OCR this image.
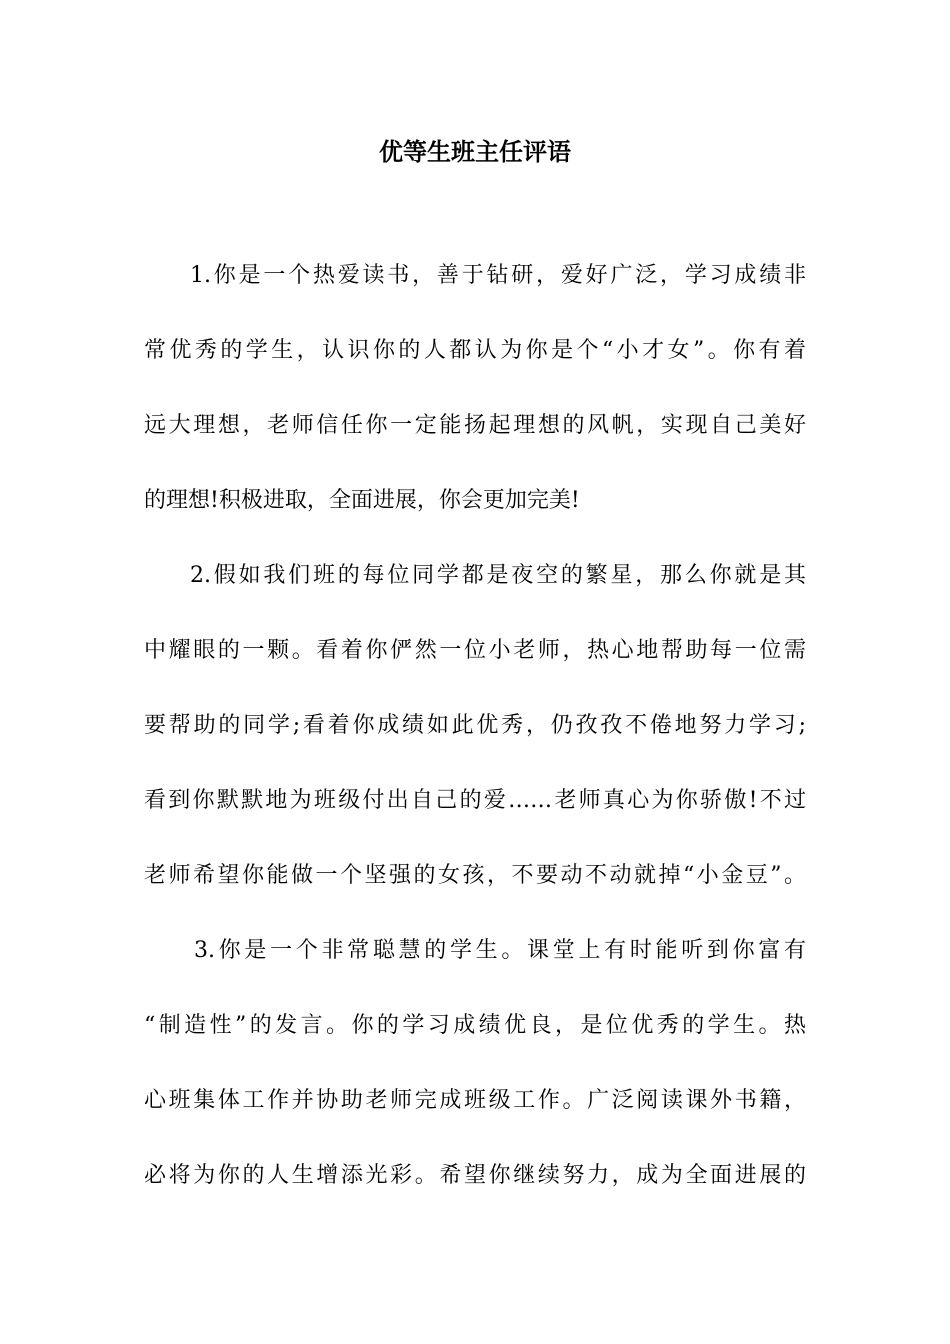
优等生班主任评语

1.你是一个热爱读书，善于钻研，爱好广泛，学习成绩非

常优秀的学生，认识你的人都认为你是个“小才女”。你有着

远大理想，老师信任你一定能扬起理想的风帆，实现自己美好

的理想!积极进取，全面进展，你会更加完美!

2.假如我们班的每位同学都是夜空的繁星，那么你就是其

中耀眼的一颗。看着你俨然一位小老师，热心地帮助每一位需

要帮助的同学;看着你成绩如此优秀，仍孜孜不倦地努力学习;

看到你默默地为班级付出自己的爱……老师真心为你骄傲!不过

老师希望你能做一个坚强的女孩，不要动不动就掉“小金豆”。

3.你是一个非常聪慧的学生。课堂上有时能听到你富有

“制造性”的发言。你的学习成绩优良，是位优秀的学生。热

心班集体工作并协助老师完成班级工作。广泛阅读课外书籍，

必将为你的人生增添光彩。希望你继续努力，成为全面进展的
